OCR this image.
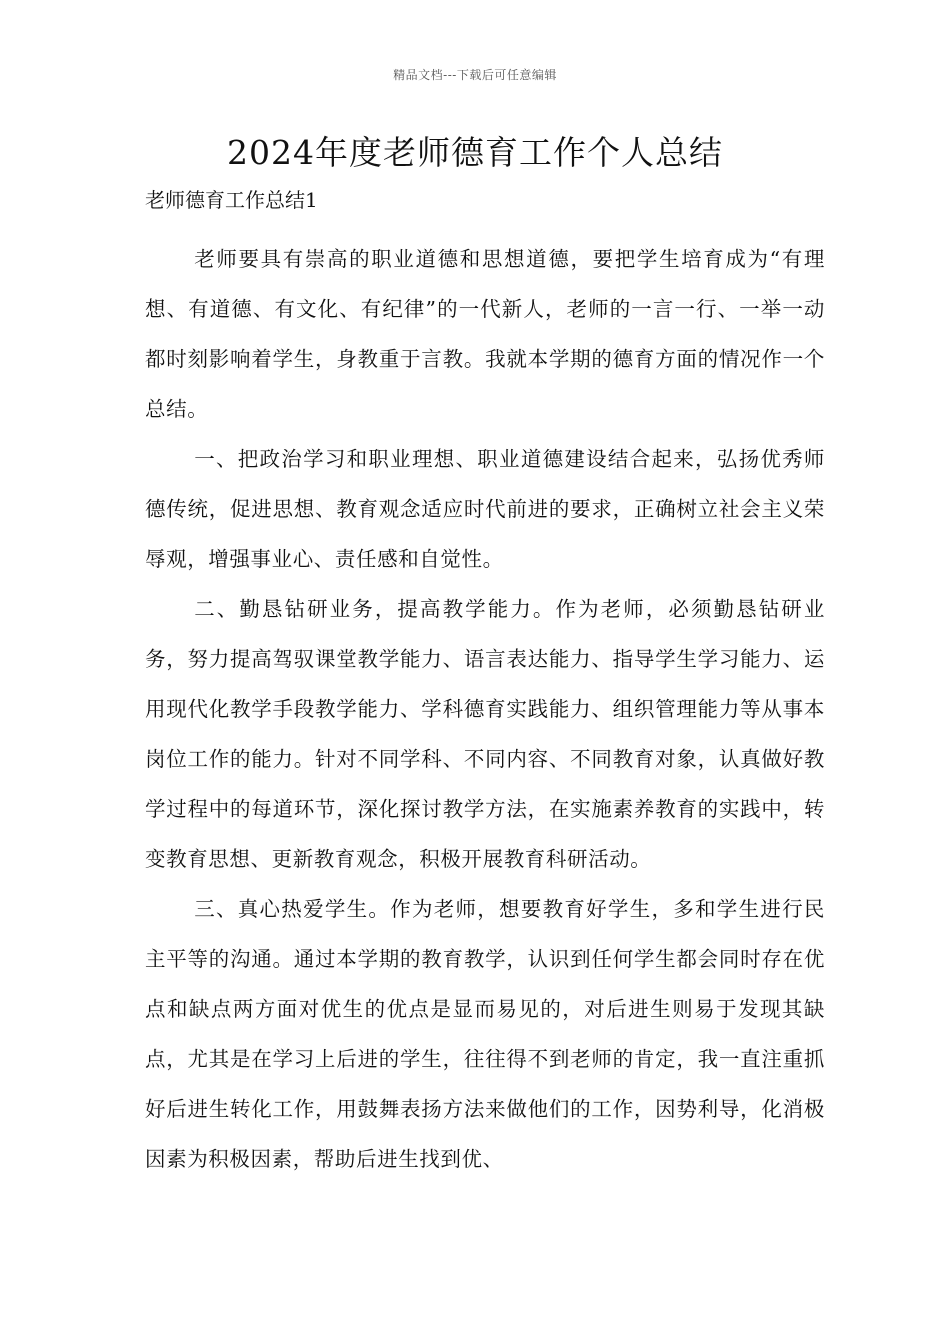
精品文档---下载后可任意编辑
2024年度老师德育工作个人总结
老师德育工作总结1

老师要具有崇高的职业道德和思想道德，要把学生培育成为“有理想、有道德、有文化、有纪律”的一代新人，老师的一言一行、一举一动都时刻影响着学生，身教重于言教。我就本学期的德育方面的情况作一个总结。

一、把政治学习和职业理想、职业道德建设结合起来，弘扬优秀师德传统，促进思想、教育观念适应时代前进的要求，正确树立社会主义荣辱观，增强事业心、责任感和自觉性。

二、勤恳钻研业务，提高教学能力。作为老师，必须勤恳钻研业务，努力提高驾驭课堂教学能力、语言表达能力、指导学生学习能力、运用现代化教学手段教学能力、学科德育实践能力、组织管理能力等从事本岗位工作的能力。针对不同学科、不同内容、不同教育对象，认真做好教学过程中的每道环节，深化探讨教学方法，在实施素养教育的实践中，转变教育思想、更新教育观念，积极开展教育科研活动。

三、真心热爱学生。作为老师，想要教育好学生，多和学生进行民主平等的沟通。通过本学期的教育教学，认识到任何学生都会同时存在优点和缺点两方面对优生的优点是显而易见的，对后进生则易于发现其缺点，尤其是在学习上后进的学生，往往得不到老师的肯定，我一直注重抓好后进生转化工作，用鼓舞表扬方法来做他们的工作，因势利导，化消极因素为积极因素，帮助后进生找到优、
